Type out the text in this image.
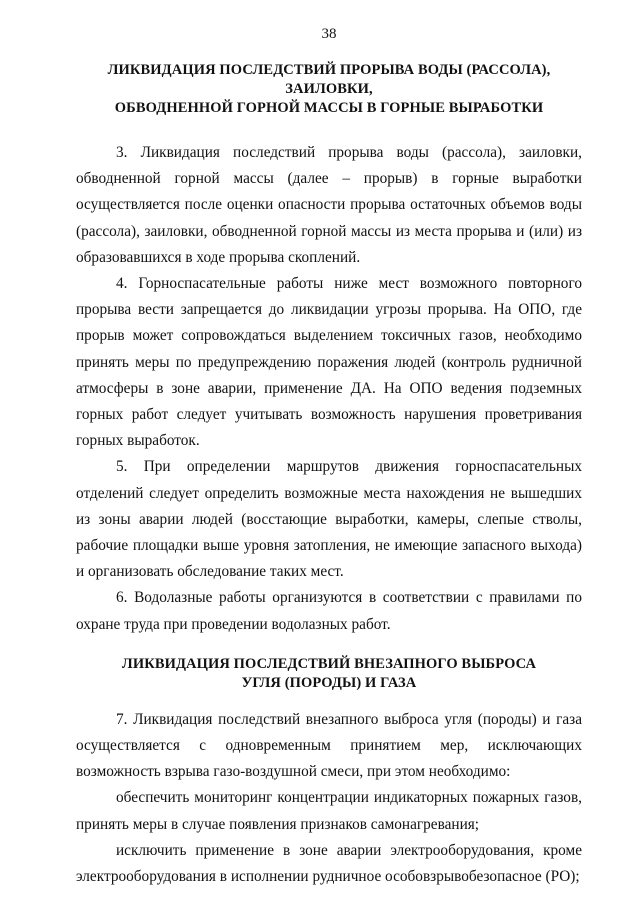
38
ЛИКВИДАЦИЯ ПОСЛЕДСТВИЙ ПРОРЫВА ВОДЫ (РАССОЛА), ЗАИЛОВКИ,
ОБВОДНЕННОЙ ГОРНОЙ МАССЫ В ГОРНЫЕ ВЫРАБОТКИ

3. Ликвидация последствий прорыва воды (рассола), заиловки, обводненной горной массы (далее – прорыв) в горные выработки осуществляется после оценки опасности прорыва остаточных объемов воды (рассола), заиловки, обводненной горной массы из места прорыва и (или) из образовавшихся в ходе прорыва скоплений.

4. Горноспасательные работы ниже мест возможного повторного прорыва вести запрещается до ликвидации угрозы прорыва. На ОПО, где прорыв может сопровождаться выделением токсичных газов, необходимо принять меры по предупреждению поражения людей (контроль рудничной атмосферы в зоне аварии, применение ДА. На ОПО ведения подземных горных работ следует учитывать возможность нарушения проветривания горных выработок.

5. При определении маршрутов движения горноспасательных отделений следует определить возможные места нахождения не вышедших из зоны аварии людей (восстающие выработки, камеры, слепые стволы, рабочие площадки выше уровня затопления, не имеющие запасного выхода) и организовать обследование таких мест.

6. Водолазные работы организуются в соответствии с правилами по охране труда при проведении водолазных работ.

ЛИКВИДАЦИЯ ПОСЛЕДСТВИЙ ВНЕЗАПНОГО ВЫБРОСА
УГЛЯ (ПОРОДЫ) И ГАЗА

7. Ликвидация последствий внезапного выброса угля (породы) и газа осуществляется с одновременным принятием мер, исключающих возможность взрыва газо-воздушной смеси, при этом необходимо:

обеспечить мониторинг концентрации индикаторных пожарных газов, принять меры в случае появления признаков самонагревания;

исключить применение в зоне аварии электрооборудования, кроме электрооборудования в исполнении рудничное особовзрывобезопасное (РО);
